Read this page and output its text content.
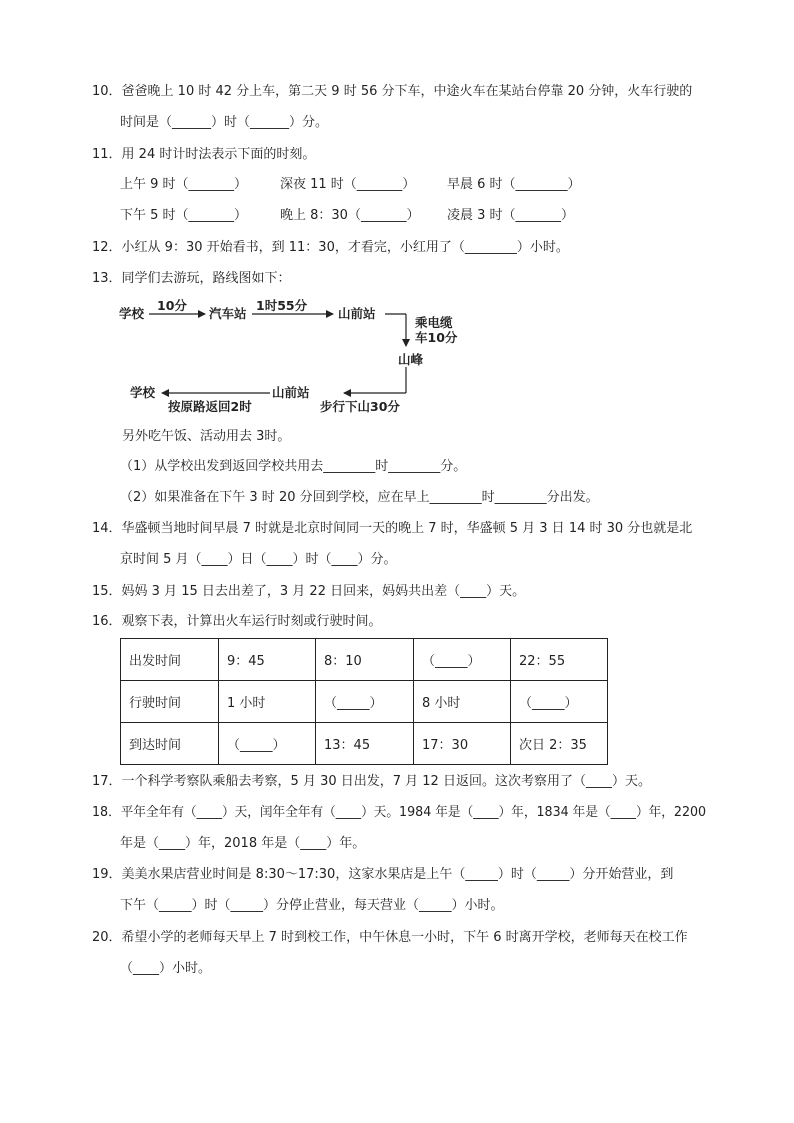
10．爸爸晚上 10 时 42 分上车，第二天 9 时 56 分下车，中途火车在某站台停靠 20 分钟，火车行驶的
时间是（______）时（______）分。
11．用 24 时计时法表示下面的时刻。
上午 9 时（_______）	深夜 11 时（_______） 早晨 6 时（________）
下午 5 时（_______）	晚上 8：30（_______） 凌晨 3 时（_______）
12．小红从 9：30 开始看书，到 11：30，才看完，小红用了（________）小时。
13．同学们去游玩，路线图如下：
学校
10分
汽车站
1时55分
山前站
乘电缆
车10分
山峰
山前站
学校
按原路返回2时	步行下山30分
另外吃午饭、活动用去 3时。
（1）从学校出发到返回学校共用去________时________分。
（2）如果准备在下午 3 时 20 分回到学校，应在早上________时________分出发。
14．华盛顿当地时间早晨 7 时就是北京时间同一天的晚上 7 时，华盛顿 5 月 3 日 14 时 30 分也就是北
京时间 5 月（____）日（____）时（____）分。
15．妈妈 3 月 15 日去出差了，3 月 22 日回来，妈妈共出差（____）天。
16．观察下表，计算出火车运行时刻或行驶时间。
出发时间	9：45	8：10	（_____）	22：55
行驶时间	1 小时	（_____）	8 小时	（_____）
到达时间	（_____）	13：45	17：30	次日 2：35
17．一个科学考察队乘船去考察，5 月 30 日出发，7 月 12 日返回。这次考察用了（____）天。
18．平年全年有（____）天，闰年全年有（____）天。1984 年是（____）年，1834 年是（____）年，2200
年是（____）年，2018 年是（____）年。
19．美美水果店营业时间是 8:30～17:30，这家水果店是上午（_____）时（_____）分开始营业，到
下午（_____）时（_____）分停止营业，每天营业（_____）小时。
20．希望小学的老师每天早上 7 时到校工作，中午休息一小时，下午 6 时离开学校，老师每天在校工作
（____）小时。
